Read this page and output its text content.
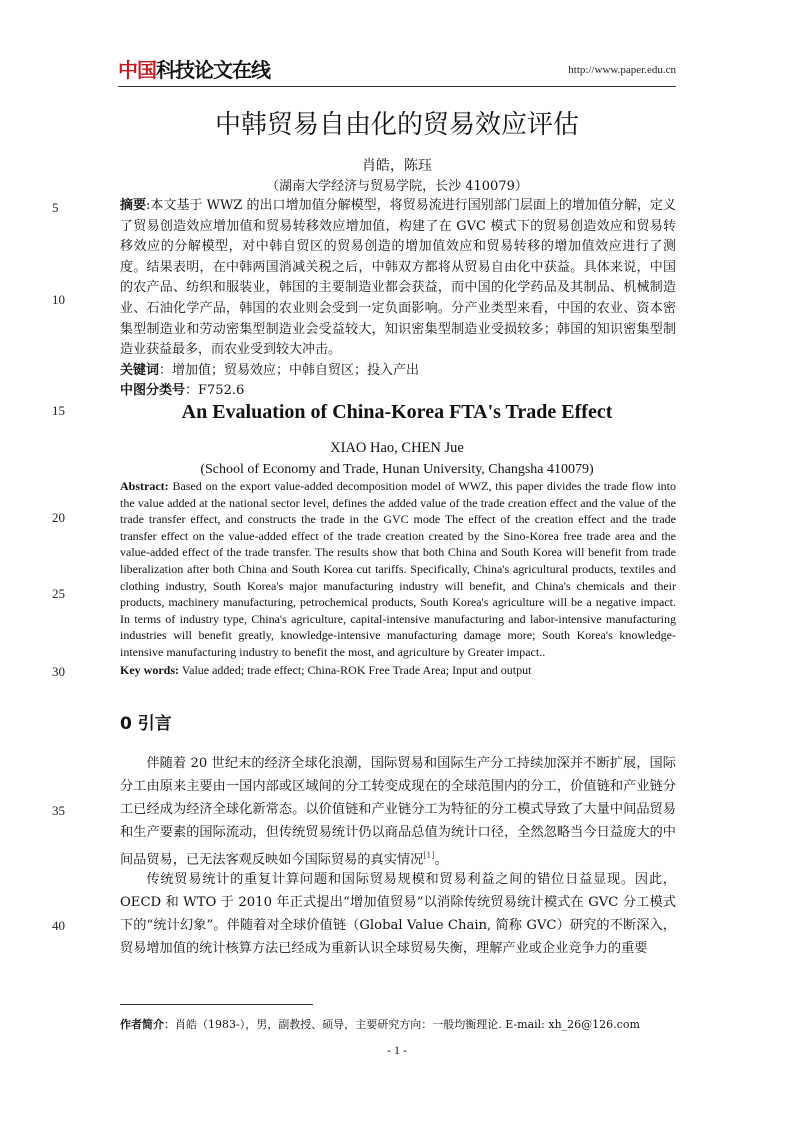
中国科技论文在线	http://www.paper.edu.cn
中韩贸易自由化的贸易效应评估
肖皓，陈珏
（湖南大学经济与贸易学院，长沙 410079）
5
10
15
20
25
30
35
40
摘要:本文基于 WWZ 的出口增加值分解模型，将贸易流进行国别部门层面上的增加值分解，定义了贸易创造效应增加值和贸易转移效应增加值，构建了在 GVC 模式下的贸易创造效应和贸易转移效应的分解模型，对中韩自贸区的贸易创造的增加值效应和贸易转移的增加值效应进行了测度。结果表明，在中韩两国消减关税之后，中韩双方都将从贸易自由化中获益。具体来说，中国的农产品、纺织和服装业，韩国的主要制造业都会获益，而中国的化学药品及其制品、机械制造业、石油化学产品，韩国的农业则会受到一定负面影响。分产业类型来看，中国的农业、资本密集型制造业和劳动密集型制造业会受益较大，知识密集型制造业受损较多；韩国的知识密集型制造业获益最多，而农业受到较大冲击。
关键词：增加值；贸易效应；中韩自贸区；投入产出
中图分类号：F752.6
An Evaluation of China-Korea FTA's Trade Effect
XIAO Hao, CHEN Jue
(School of Economy and Trade, Hunan University, Changsha 410079)
Abstract: Based on the export value-added decomposition model of WWZ, this paper divides the trade flow into the value added at the national sector level, defines the added value of the trade creation effect and the value of the trade transfer effect, and constructs the trade in the GVC mode The effect of the creation effect and the trade transfer effect on the value-added effect of the trade creation created by the Sino-Korea free trade area and the value-added effect of the trade transfer. The results show that both China and South Korea will benefit from trade liberalization after both China and South Korea cut tariffs. Specifically, China's agricultural products, textiles and clothing industry, South Korea's major manufacturing industry will benefit, and China's chemicals and their products, machinery manufacturing, petrochemical products, South Korea's agriculture will be a negative impact. In terms of industry type, China's agriculture, capital-intensive manufacturing and labor-intensive manufacturing industries will benefit greatly, knowledge-intensive manufacturing damage more; South Korea's knowledge-intensive manufacturing industry to benefit the most, and agriculture by Greater impact..
Key words: Value added; trade effect; China-ROK Free Trade Area; Input and output
0 引言
伴随着 20 世纪末的经济全球化浪潮，国际贸易和国际生产分工持续加深并不断扩展，国际分工由原来主要由一国内部或区域间的分工转变成现在的全球范围内的分工，价值链和产业链分工已经成为经济全球化新常态。以价值链和产业链分工为特征的分工模式导致了大量中间品贸易和生产要素的国际流动，但传统贸易统计仍以商品总值为统计口径，全然忽略当今日益庞大的中间品贸易，已无法客观反映如今国际贸易的真实情况[1]。
传统贸易统计的重复计算问题和国际贸易规模和贸易利益之间的错位日益显现。因此，OECD 和 WTO 于 2010 年正式提出“增加值贸易”以消除传统贸易统计模式在 GVC 分工模式下的“统计幻象”。伴随着对全球价值链（Global Value Chain, 简称 GVC）研究的不断深入，贸易增加值的统计核算方法已经成为重新认识全球贸易失衡，理解产业或企业竞争力的重要
作者简介：肖皓（1983-），男，副教授、硕导，主要研究方向：一般均衡理论. E-mail: xh_26@126.com
- 1 -
